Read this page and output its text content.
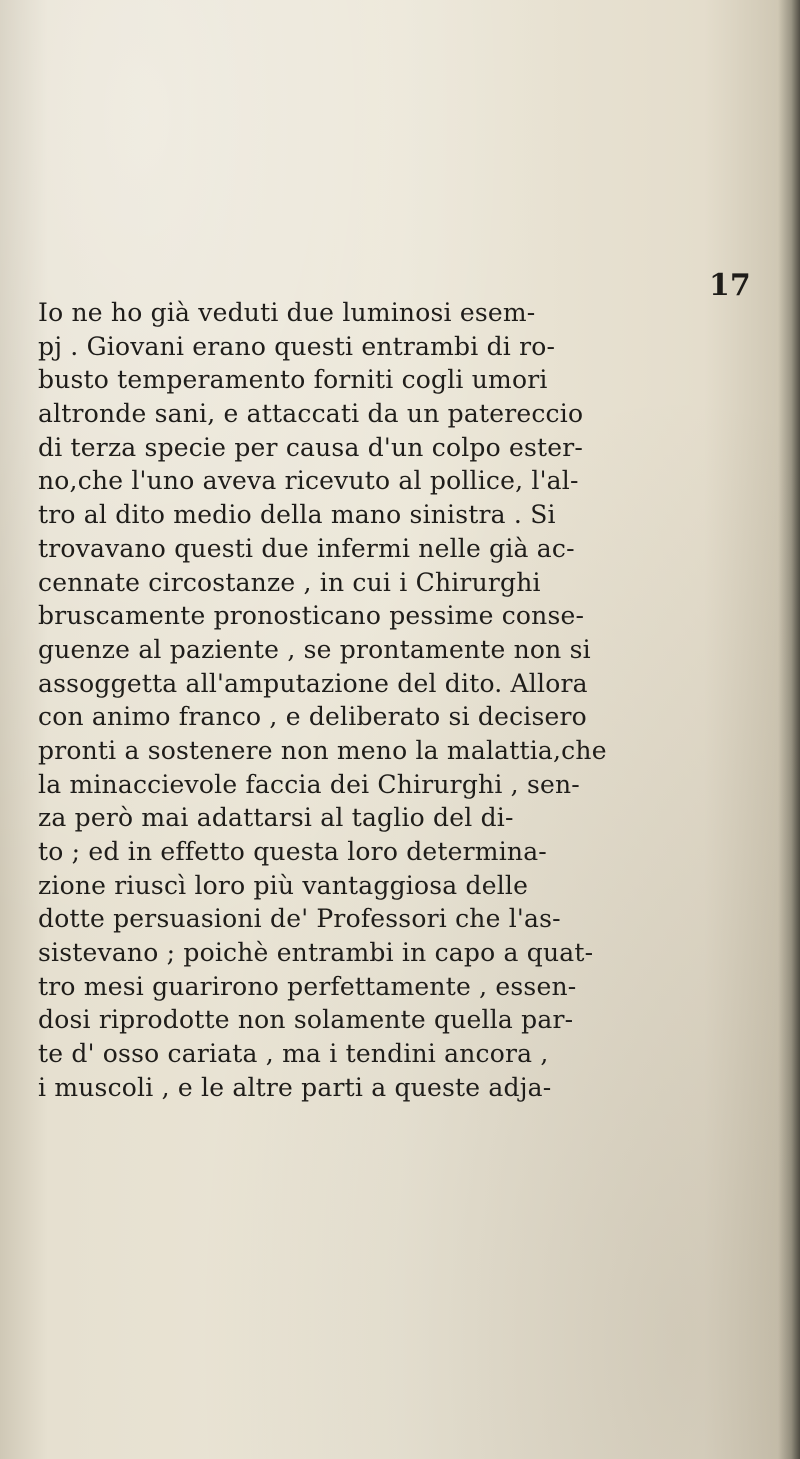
17

Io ne ho già veduti due luminosi esem-
pj . Giovani erano questi entrambi di ro-
busto temperamento forniti cogli umori
altronde sani, e attaccati da un patereccio
di terza specie per causa d'un colpo ester-
no,che l'uno aveva ricevuto al pollice, l'al-
tro al dito medio della mano sinistra . Si
trovavano questi due infermi nelle già ac-
cennate circostanze , in cui i Chirurghi
bruscamente pronosticano pessime conse-
guenze al paziente , se prontamente non si
assoggetta all'amputazione del dito. Allora
con animo franco , e deliberato si decisero
pronti a sostenere non meno la malattia,che
la minaccievole faccia dei Chirurghi , sen-
za però mai adattarsi al taglio del di-
to ; ed in effetto questa loro determina-
zione riuscì loro più vantaggiosa delle
dotte persuasioni de' Professori che l'as-
sistevano ; poichè entrambi in capo a quat-
tro mesi guarirono perfettamente , essen-
dosi riprodotte non solamente quella par-
te d' osso cariata , ma i tendini ancora ,
i muscoli , e le altre parti a queste adja-
